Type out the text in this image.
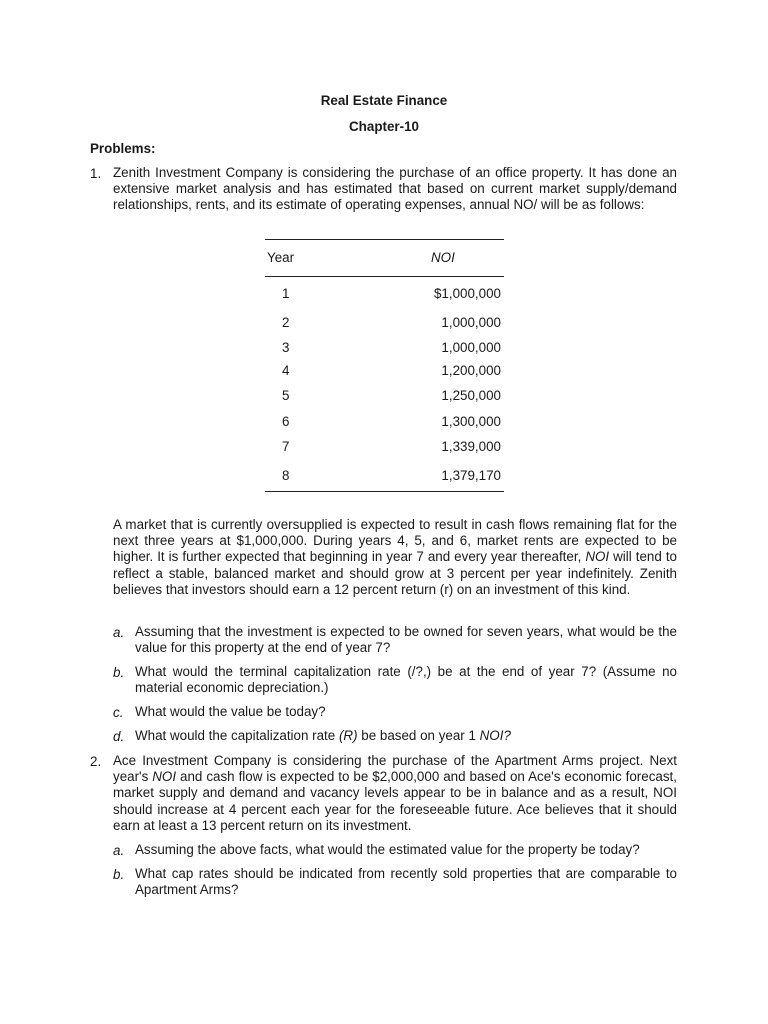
Real Estate Finance
Chapter-10
Problems:
1. Zenith Investment Company is considering the purchase of an office property. It has done an extensive market analysis and has estimated that based on current market supply/demand relationships, rents, and its estimate of operating expenses, annual NO/ will be as follows:
Year	NOI
1	$1,000,000
2	1,000,000
3	1,000,000
4	1,200,000
5	1,250,000
6	1,300,000
7	1,339,000
8	1,379,170
A market that is currently oversupplied is expected to result in cash flows remaining flat for the next three years at $1,000,000. During years 4, 5, and 6, market rents are expected to be higher. It is further expected that beginning in year 7 and every year thereafter, NOI will tend to reflect a stable, balanced market and should grow at 3 percent per year indefinitely. Zenith believes that investors should earn a 12 percent return (r) on an investment of this kind.
a. Assuming that the investment is expected to be owned for seven years, what would be the value for this property at the end of year 7?
b. What would the terminal capitalization rate (/?,) be at the end of year 7? (Assume no material economic depreciation.)
c. What would the value be today?
d. What would the capitalization rate (R) be based on year 1 NOI?
2. Ace Investment Company is considering the purchase of the Apartment Arms project. Next year's NOI and cash flow is expected to be $2,000,000 and based on Ace's economic forecast, market supply and demand and vacancy levels appear to be in balance and as a result, NOI should increase at 4 percent each year for the foreseeable future. Ace believes that it should earn at least a 13 percent return on its investment.
a. Assuming the above facts, what would the estimated value for the property be today?
b. What cap rates should be indicated from recently sold properties that are comparable to Apartment Arms?
